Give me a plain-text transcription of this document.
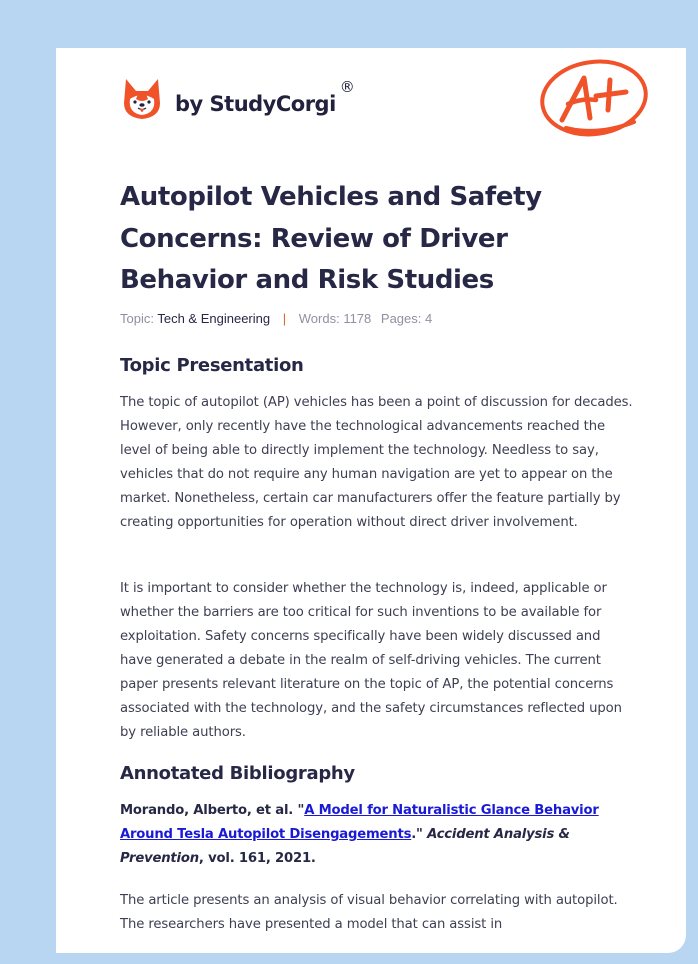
by StudyCorgi
®
Autopilot Vehicles and Safety Concerns: Review of Driver Behavior and Risk Studies
Topic: Tech & Engineering | Words: 1178 Pages: 4
Topic Presentation

The topic of autopilot (AP) vehicles has been a point of discussion for decades. However, only recently have the technological advancements reached the level of being able to directly implement the technology. Needless to say, vehicles that do not require any human navigation are yet to appear on the market. Nonetheless, certain car manufacturers offer the feature partially by creating opportunities for operation without direct driver involvement.

It is important to consider whether the technology is, indeed, applicable or whether the barriers are too critical for such inventions to be available for exploitation. Safety concerns specifically have been widely discussed and have generated a debate in the realm of self-driving vehicles. The current paper presents relevant literature on the topic of AP, the potential concerns associated with the technology, and the safety circumstances reflected upon by reliable authors.

Annotated Bibliography

Morando, Alberto, et al. "A Model for Naturalistic Glance Behavior Around Tesla Autopilot Disengagements." Accident Analysis & Prevention, vol. 161, 2021.

The article presents an analysis of visual behavior correlating with autopilot. The researchers have presented a model that can assist in
